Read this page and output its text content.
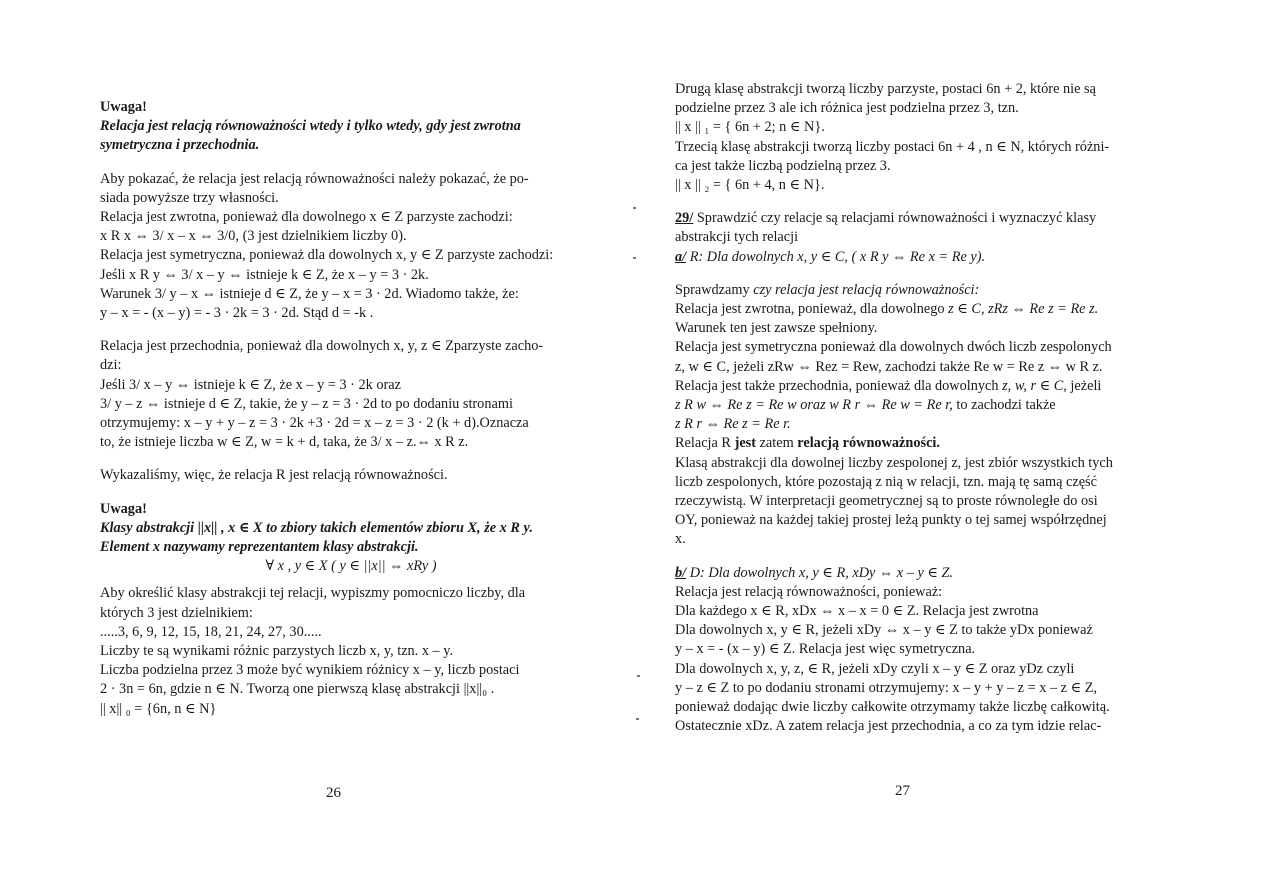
Uwaga!
Relacja jest relacją równoważności wtedy i tylko wtedy, gdy jest zwrotna
symetryczna i przechodnia.
Aby pokazać, że relacja jest relacją równoważności należy pokazać, że po-
siada powyższe trzy własności.
Relacja jest zwrotna, ponieważ dla dowolnego x ∈ Z parzyste zachodzi:
x R x ⇔ 3/ x – x ⇔ 3/0, (3 jest dzielnikiem liczby 0).
Relacja jest symetryczna, ponieważ dla dowolnych x, y ∈ Z parzyste zachodzi:
Jeśli x R y ⇔ 3/ x – y ⇔ istnieje k ∈ Z, że x – y = 3 · 2k.
Warunek 3/ y – x ⇔ istnieje d ∈ Z, że y – x = 3 · 2d. Wiadomo także, że:
y – x = - (x – y) = - 3 · 2k = 3 · 2d. Stąd d = -k .
Relacja jest przechodnia, ponieważ dla dowolnych x, y, z ∈ Zparzyste zacho-
dzi:
Jeśli 3/ x – y ⇔ istnieje k ∈ Z, że x – y = 3 · 2k oraz
3/ y – z ⇔ istnieje d ∈ Z, takie, że y – z = 3 · 2d to po dodaniu stronami
otrzymujemy: x – y + y – z = 3 · 2k +3 · 2d = x – z = 3 · 2 (k + d).Oznacza
to, że istnieje liczba w ∈ Z, w = k + d, taka, że 3/ x – z.⇔ x R z.
Wykazaliśmy, więc, że relacja R jest relacją równoważności.
Uwaga!
Klasy abstrakcji ||x|| , x ∈ X to zbiory takich elementów zbioru X, że x R y.
Element x nazywamy reprezentantem klasy abstrakcji.
∀ x , y ∈ X ( y ∈ ||x|| ⇔ xRy )
Aby określić klasy abstrakcji tej relacji, wypiszmy pomocniczo liczby, dla
których 3 jest dzielnikiem:
.....3, 6, 9, 12, 15, 18, 21, 24, 27, 30.....
Liczby te są wynikami różnic parzystych liczb x, y, tzn. x – y.
Liczba podzielna przez 3 może być wynikiem różnicy x – y, liczb postaci
2 · 3n = 6n, gdzie n ∈ N. Tworzą one pierwszą klasę abstrakcji ||x||₀ .
|| x|| ₀ = {6n, n ∈ N}
26
Drugą klasę abstrakcji tworzą liczby parzyste, postaci 6n + 2, które nie są
podzielne przez 3 ale ich różnica jest podzielna przez 3, tzn.
|| x || ₁ = { 6n + 2; n ∈ N}.
Trzecią klasę abstrakcji tworzą liczby postaci 6n + 4 , n ∈ N, których różni-
ca jest także liczbą podzielną przez 3.
|| x || ₂ = { 6n + 4, n ∈ N}.
29/ Sprawdzić czy relacje są relacjami równoważności i wyznaczyć klasy
abstrakcji tych relacji
a/ R: Dla dowolnych x, y ∈ C, ( x R y ⇔ Re x = Re y).
Sprawdzamy czy relacja jest relacją równoważności:
Relacja jest zwrotna, ponieważ, dla dowolnego z ∈ C, zRz ⇔ Re z = Re z.
Warunek ten jest zawsze spełniony.
Relacja jest symetryczna ponieważ dla dowolnych dwóch liczb zespolonych
z, w ∈ C, jeżeli zRw ⇔ Rez = Rew, zachodzi także Re w = Re z ⇔ w R z.
Relacja jest także przechodnia, ponieważ dla dowolnych z, w, r ∈ C, jeżeli
z R w ⇔ Re z = Re w oraz w R r ⇔ Re w = Re r, to zachodzi także
z R r ⇔ Re z = Re r.
Relacja R jest zatem relacją równoważności.
Klasą abstrakcji dla dowolnej liczby zespolonej z, jest zbiór wszystkich tych
liczb zespolonych, które pozostają z nią w relacji, tzn. mają tę samą część
rzeczywistą. W interpretacji geometrycznej są to proste równoległe do osi
OY, ponieważ na każdej takiej prostej leżą punkty o tej samej współrzędnej
x.
b/ D: Dla dowolnych x, y ∈ R, xDy ⇔ x – y ∈ Z.
Relacja jest relacją równoważności, ponieważ:
Dla każdego x ∈ R, xDx ⇔ x – x = 0 ∈ Z. Relacja jest zwrotna
Dla dowolnych x, y ∈ R, jeżeli xDy ⇔ x – y ∈ Z to także yDx ponieważ
y – x = - (x – y) ∈ Z. Relacja jest więc symetryczna.
Dla dowolnych x, y, z, ∈ R, jeżeli xDy czyli x – y ∈ Z oraz yDz czyli
y – z ∈ Z to po dodaniu stronami otrzymujemy: x – y + y – z = x – z ∈ Z,
ponieważ dodając dwie liczby całkowite otrzymamy także liczbę całkowitą.
Ostatecznie xDz. A zatem relacja jest przechodnia, a co za tym idzie relac-
27
